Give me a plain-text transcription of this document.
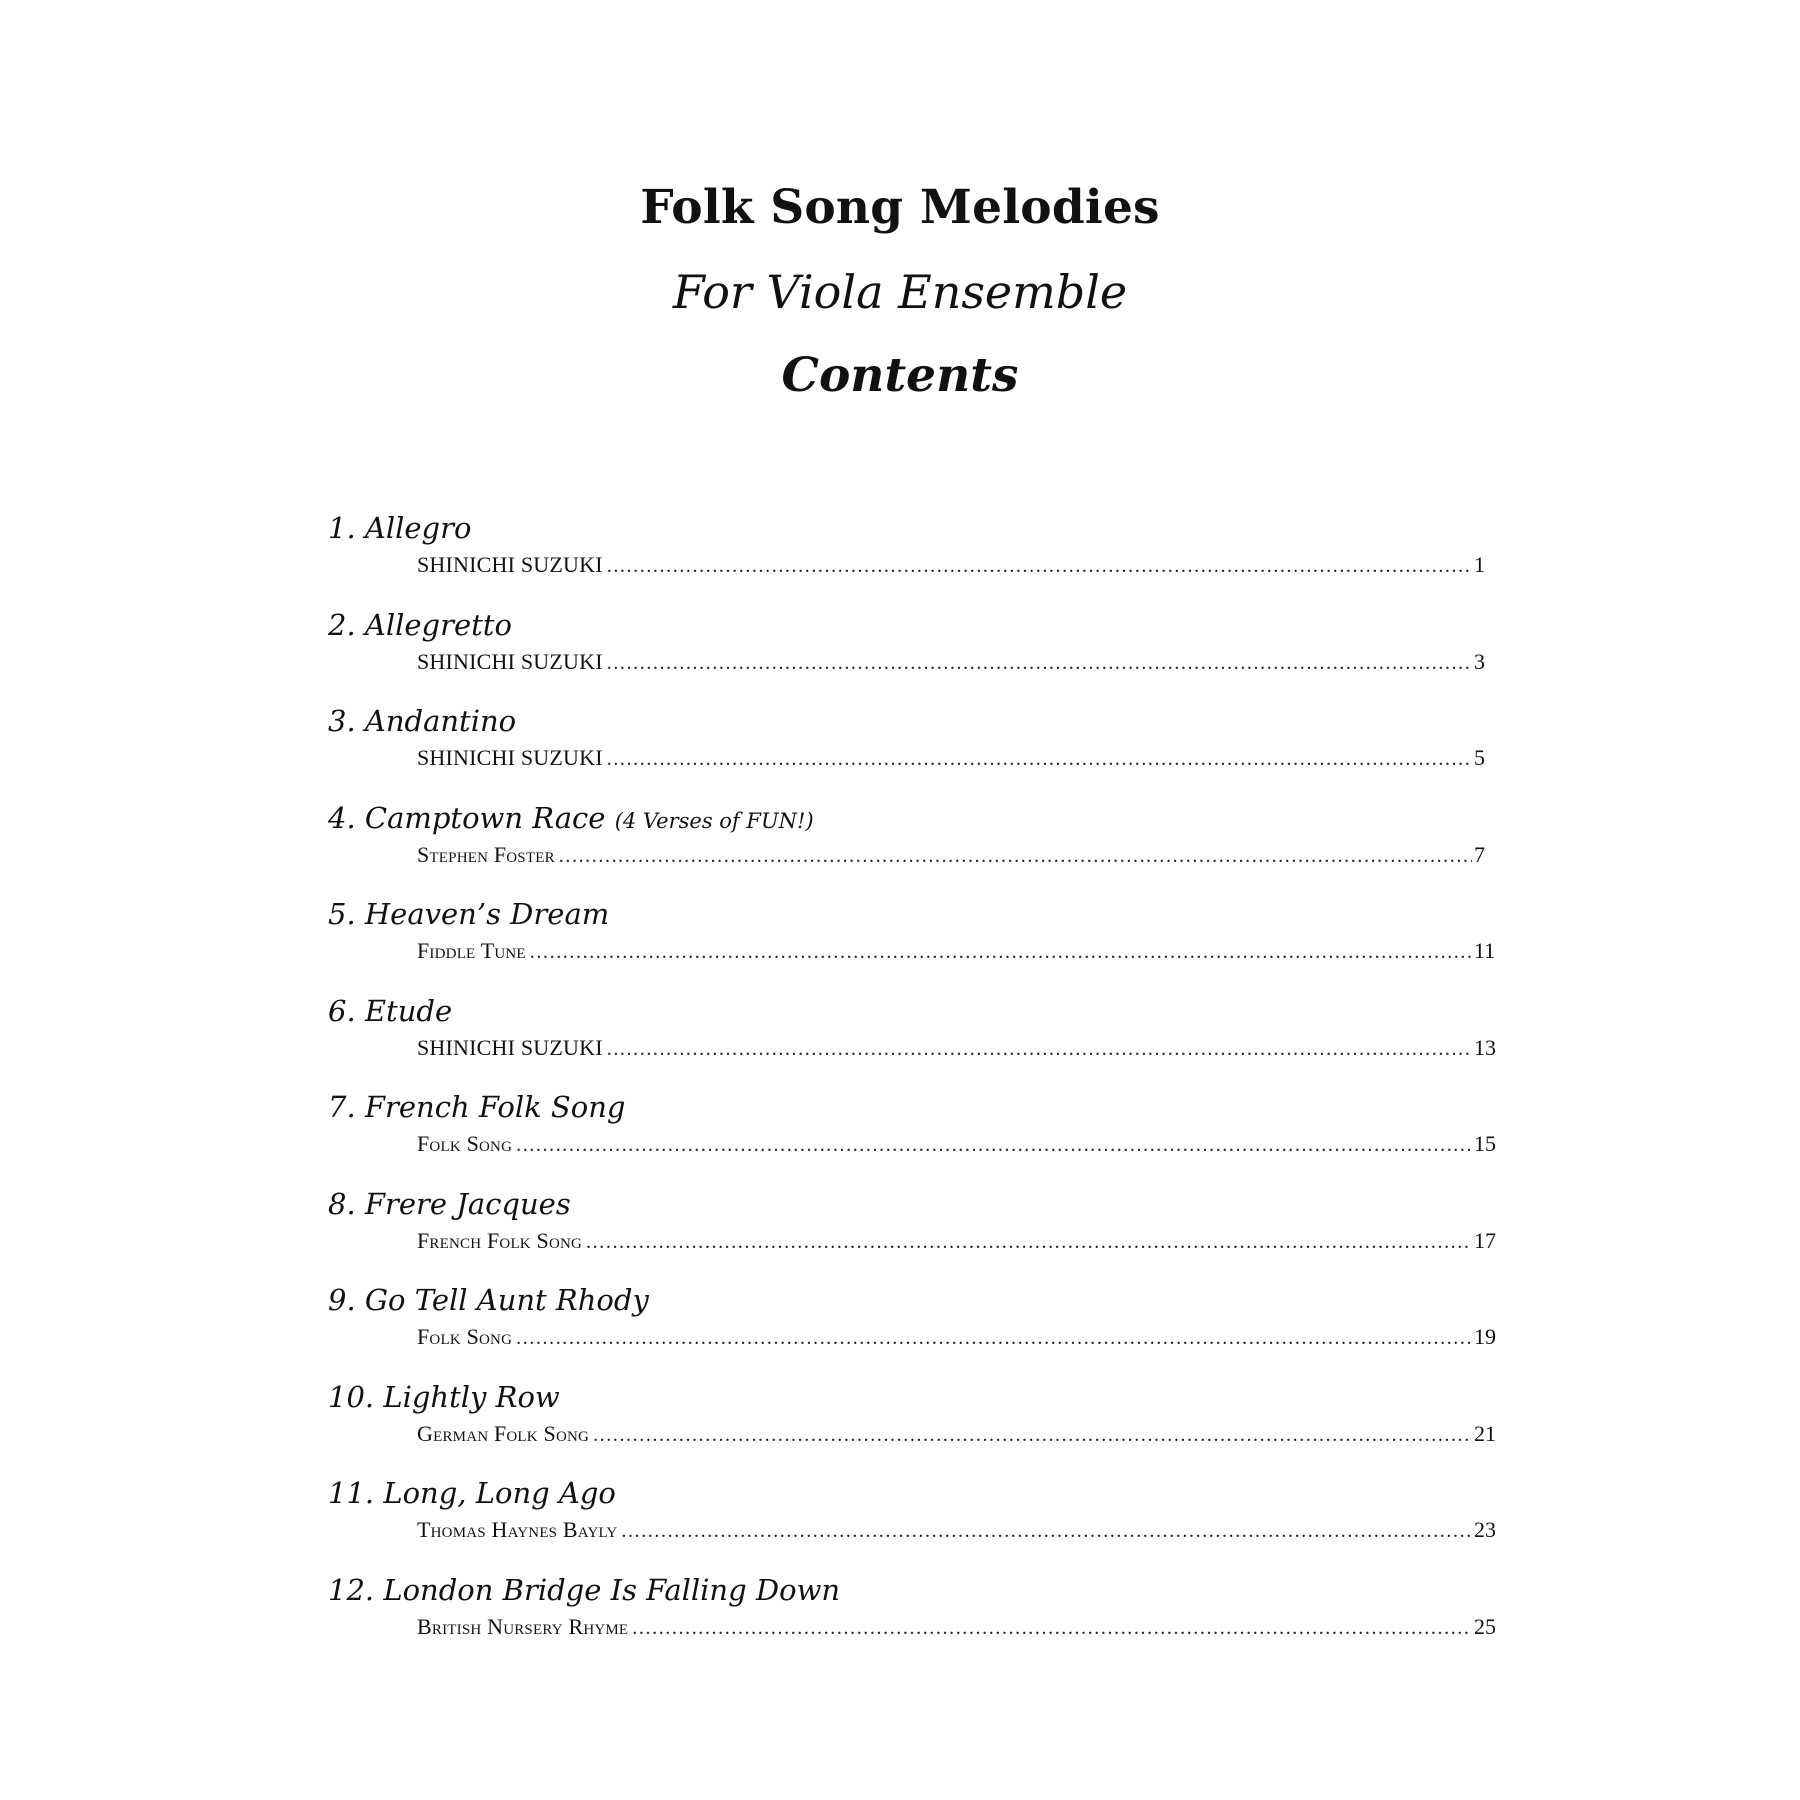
Folk Song Melodies
For Viola Ensemble
Contents
1. Allegro
SHINICHI SUZUKI .....	1
2. Allegretto
SHINICHI SUZUKI .....	3
3. Andantino
SHINICHI SUZUKI .....	5
4. Camptown Race (4 Verses of FUN!)
Stephen Foster .....	7
5. Heaven’s Dream
Fiddle Tune .....	11
6. Etude
SHINICHI SUZUKI .....	13
7. French Folk Song
Folk Song .....	15
8. Frere Jacques
French Folk Song .....	17
9. Go Tell Aunt Rhody
Folk Song .....	19
10. Lightly Row
German Folk Song .....	21
11. Long, Long Ago
Thomas Haynes Bayly .....	23
12. London Bridge Is Falling Down
British Nursery Rhyme .....	25
